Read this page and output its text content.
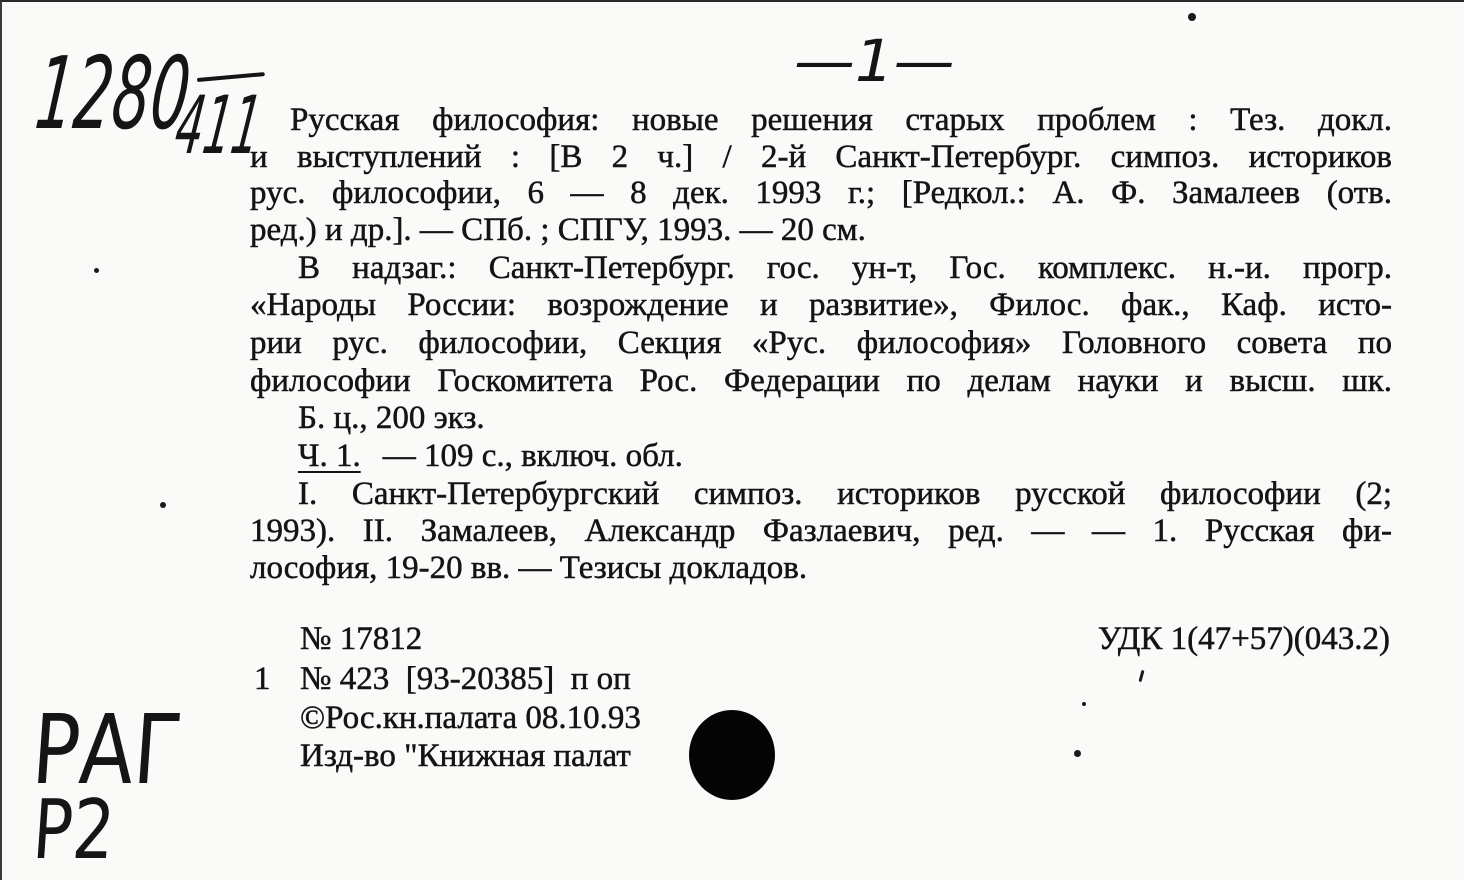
1280
411
—1—
РАГ
Р2
Русская философия: новые решения старых проблем : Тез. докл.
и выступлений : [В 2 ч.] / 2-й Санкт-Петербург. симпоз. историков
рус. философии, 6 — 8 дек. 1993 г.; [Редкол.: А. Ф. Замалеев (отв.
ред.) и др.]. — СПб. ; СПГУ, 1993. — 20 см.
В надзаг.: Санкт-Петербург. гос. ун-т, Гос. комплекс. н.-и. прогр.
«Народы России: возрождение и развитие», Филос. фак., Каф. исто-
рии рус. философии, Секция «Рус. философия» Головного совета по
философии Госкомитета Рос. Федерации по делам науки и высш. шк.
Б. ц., 200 экз.
Ч. 1. — 109 с., включ. обл.
I. Санкт-Петербургский симпоз. историков русской философии (2;
1993). II. Замалеев, Александр Фазлаевич, ред. — — 1. Русская фи-
лософия, 19-20 вв. — Тезисы докладов.
№ 17812	УДК 1(47+57)(043.2)
1 № 423  [93-20385]  п оп
©Рос.кн.палата 08.10.93
Изд-во "Книжная палат
